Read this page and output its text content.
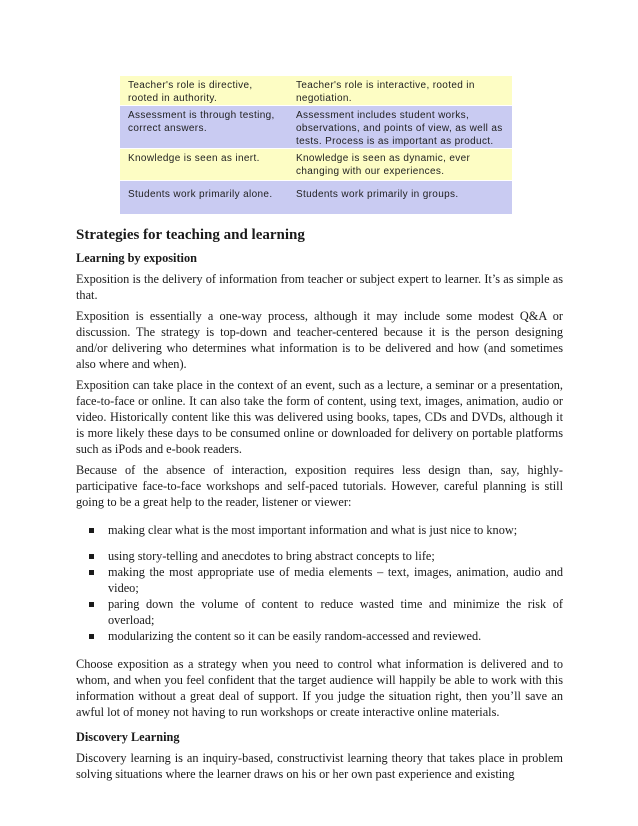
Teacher's role is directive, rooted in authority.	Teacher's role is interactive, rooted in negotiation.
Assessment is through testing, correct answers.	Assessment includes student works, observations, and points of view, as well as tests. Process is as important as product.
Knowledge is seen as inert.	Knowledge is seen as dynamic, ever changing with our experiences.
Students work primarily alone.	Students work primarily in groups.
Strategies for teaching and learning
Learning by exposition

Exposition is the delivery of information from teacher or subject expert to learner. It’s as simple as that.

Exposition is essentially a one-way process, although it may include some modest Q&A or discussion. The strategy is top-down and teacher-centered because it is the person designing and/or delivering who determines what information is to be delivered and how (and sometimes also where and when).

Exposition can take place in the context of an event, such as a lecture, a seminar or a presentation, face-to-face or online. It can also take the form of content, using text, images, animation, audio or video. Historically content like this was delivered using books, tapes, CDs and DVDs, although it is more likely these days to be consumed online or downloaded for delivery on portable platforms such as iPods and e-book readers.

Because of the absence of interaction, exposition requires less design than, say, highly-participative face-to-face workshops and self-paced tutorials. However, careful planning is still going to be a great help to the reader, listener or viewer:

making clear what is the most important information and what is just nice to know;
using story-telling and anecdotes to bring abstract concepts to life;
making the most appropriate use of media elements – text, images, animation, audio and video;
paring down the volume of content to reduce wasted time and minimize the risk of overload;
modularizing the content so it can be easily random-accessed and reviewed.

Choose exposition as a strategy when you need to control what information is delivered and to whom, and when you feel confident that the target audience will happily be able to work with this information without a great deal of support. If you judge the situation right, then you’ll save an awful lot of money not having to run workshops or create interactive online materials.

Discovery Learning

Discovery learning is an inquiry-based, constructivist learning theory that takes place in problem solving situations where the learner draws on his or her own past experience and existing
